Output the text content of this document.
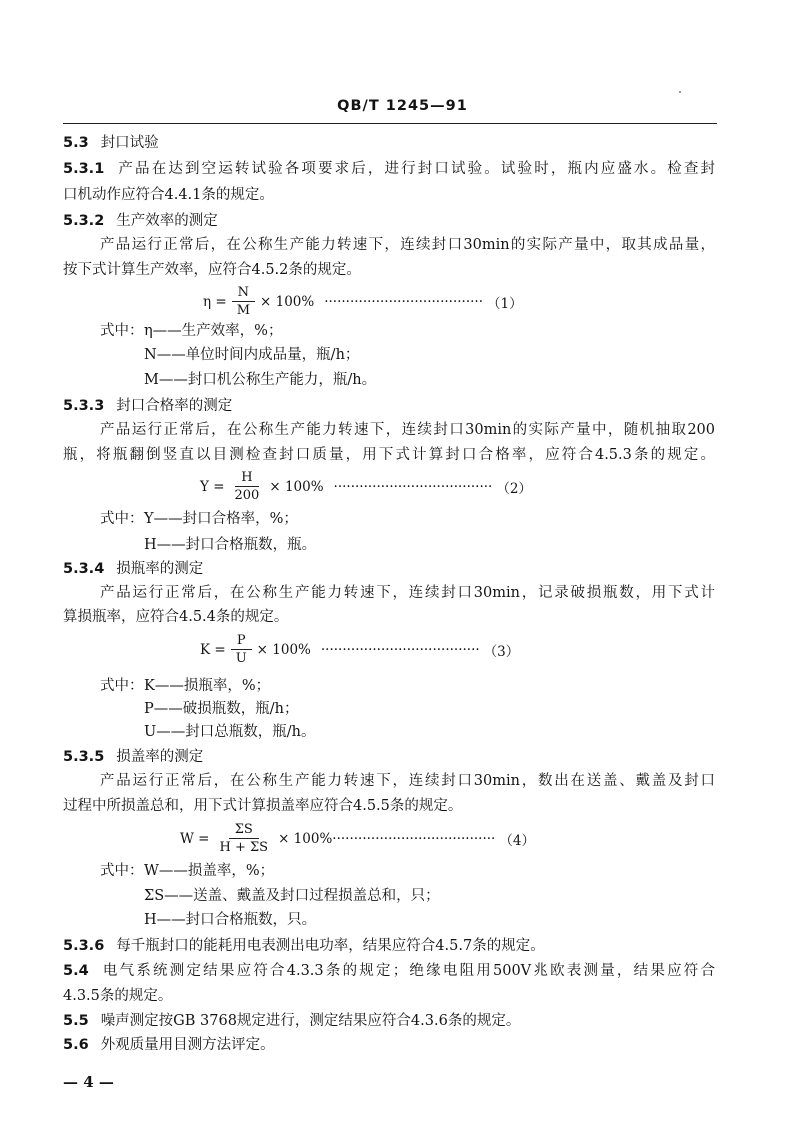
QB/T 1245—91
5.3 封口试验
5.3.1 产品在达到空运转试验各项要求后，进行封口试验。试验时，瓶内应盛水。检查封
口机动作应符合4.4.1条的规定。
5.3.2 生产效率的测定
产品运行正常后，在公称生产能力转速下，连续封口30min的实际产量中，取其成品量，
按下式计算生产效率，应符合4.5.2条的规定。
$\eta = \frac{N}{M} \times 100\%$ ····································· （1）
式中： η——生产效率，%；
N——单位时间内成品量，瓶/h；
M——封口机公称生产能力，瓶/h。
5.3.3 封口合格率的测定
产品运行正常后，在公称生产能力转速下，连续封口30min的实际产量中，随机抽取200
瓶，将瓶翻倒竖直以目测检查封口质量，用下式计算封口合格率，应符合4.5.3条的规定。
$Y = \frac{H}{200} \times 100\%$ ····································· （2）
式中： Y——封口合格率，%；
H——封口合格瓶数，瓶。
5.3.4 损瓶率的测定
产品运行正常后，在公称生产能力转速下，连续封口30min，记录破损瓶数，用下式计
算损瓶率，应符合4.5.4条的规定。
$K = \frac{P}{U} \times 100\%$ ····································· （3）
式中： K——损瓶率，%；
P——破损瓶数，瓶/h；
U——封口总瓶数，瓶/h。
5.3.5 损盖率的测定
产品运行正常后，在公称生产能力转速下，连续封口30min，数出在送盖、戴盖及封口
过程中所损盖总和，用下式计算损盖率应符合4.5.5条的规定。
$W = \frac{\Sigma S}{H + \Sigma S} \times 100\%$ ······································ （4）
式中： W——损盖率，%；
ΣS——送盖、戴盖及封口过程损盖总和，只；
H——封口合格瓶数，只。
5.3.6 每千瓶封口的能耗用电表测出电功率，结果应符合4.5.7条的规定。
5.4 电气系统测定结果应符合4.3.3条的规定；绝缘电阻用500V兆欧表测量，结果应符合
4.3.5条的规定。
5.5 噪声测定按GB 3768规定进行，测定结果应符合4.3.6条的规定。
5.6 外观质量用目测方法评定。
— 4 —
